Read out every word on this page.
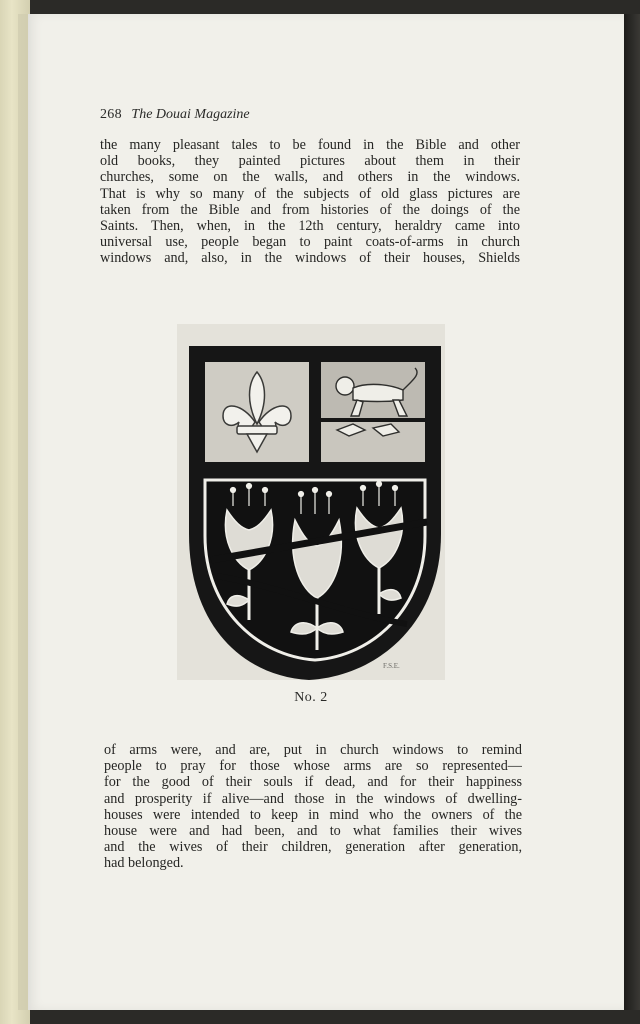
268 The Douai Magazine
the many pleasant tales to be found in the Bible and other
old books, they painted pictures about them in their
churches, some on the walls, and others in the windows.
That is why so many of the subjects of old glass pictures are
taken from the Bible and from histories of the doings of the
Saints. Then, when, in the 12th century, heraldry came into
universal use, people began to paint coats-of-arms in church
windows and, also, in the windows of their houses, Shields
F.S.E.
No. 2
of arms were, and are, put in church windows to remind
people to pray for those whose arms are so represented—
for the good of their souls if dead, and for their happiness
and prosperity if alive—and those in the windows of dwelling-
houses were intended to keep in mind who the owners of the
house were and had been, and to what families their wives
and the wives of their children, generation after generation,
had belonged.
